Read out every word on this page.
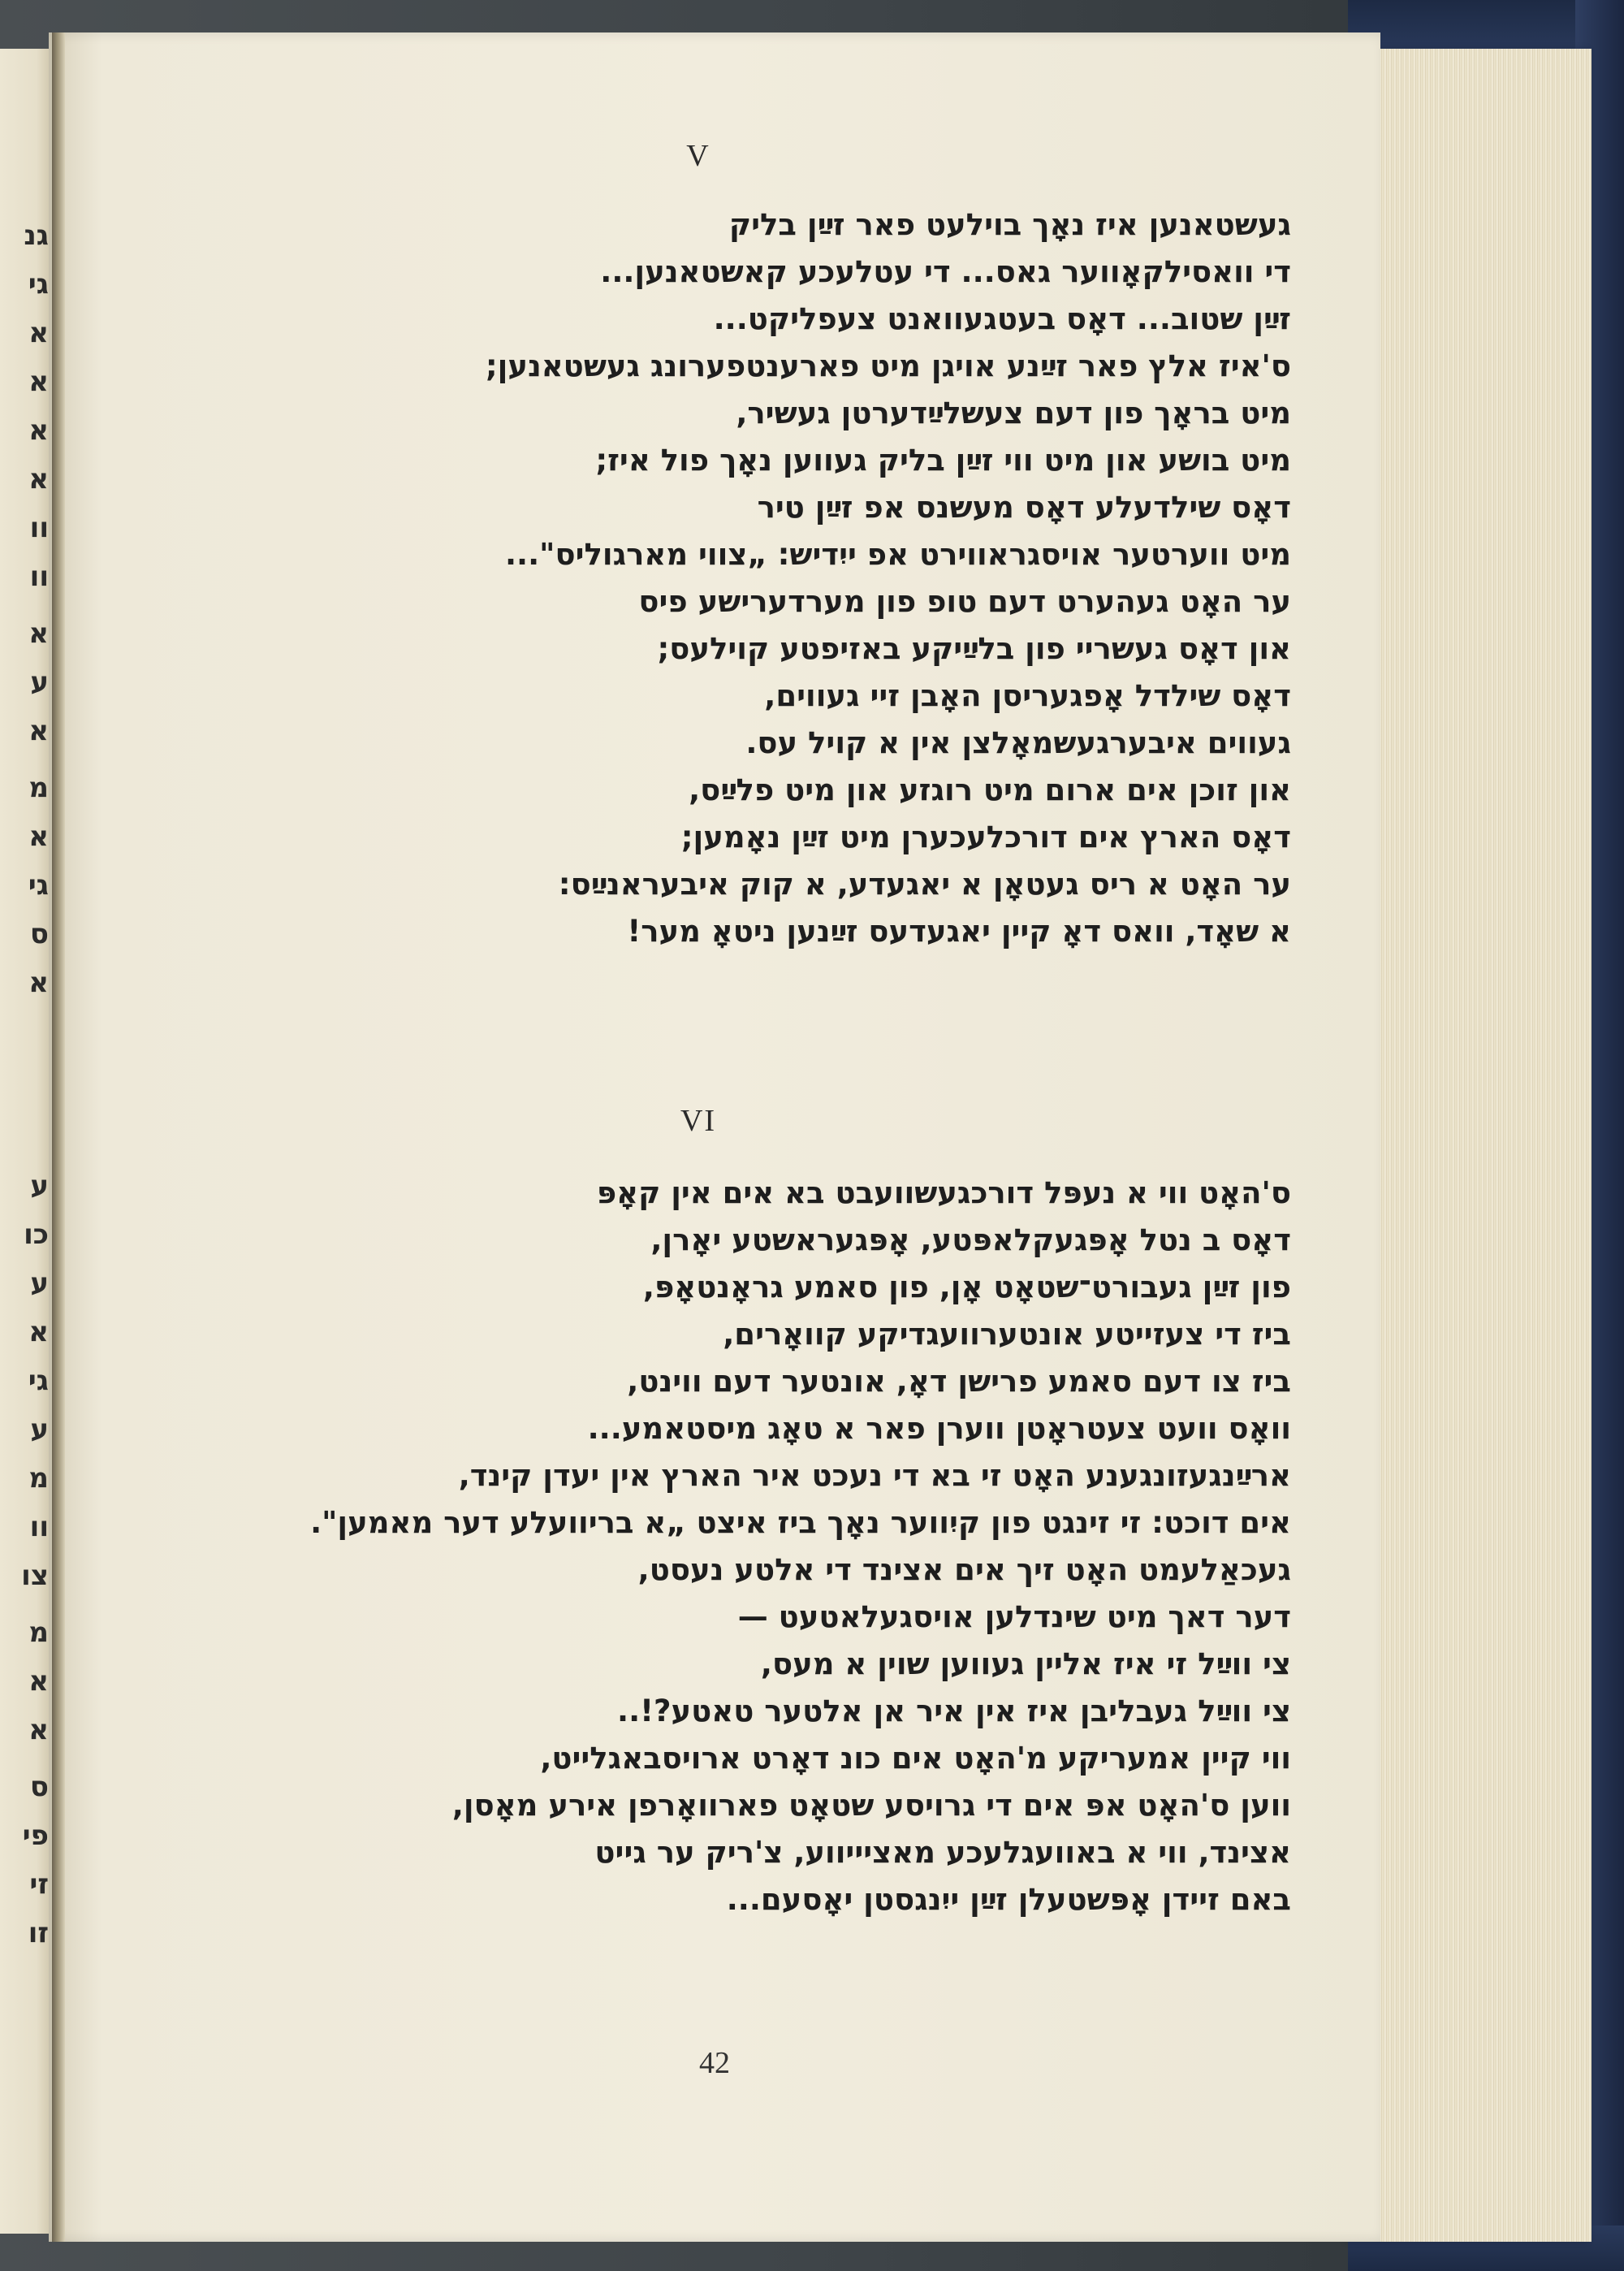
גנ
גי
א
א
א
א
וו
וו
א
ע
א
מ
א
גי
ס
א
ע
כו
ע
א
גי
ע
מ
וו
צו
מ
א
א
ס
פי
זי
זו
V
געשטאנען איז נאָך בוילעט פאר זײַן בליק
די וואסילקאָווער גאס... די עטלעכע קאשטאנען...
זײַן שטוב... דאָס בעטגעוואנט צעפליקט...
ס'איז אלץ פאר זײַנע אויגן מיט פארענטפערונג געשטאנען;
מיט בראָך פון דעם צעשלײַדערטן געשיר,
מיט בושע און מיט ווי זײַן בליק געווען נאָך פול איז;
דאָס שילדעלע דאָס מעשנס אפ זײַן טיר
מיט ווערטער אויסגראווירט אפ ייִדיש: „צווי מארגוליס"...
ער האָט געהערט דעם טופ פון מערדערישע פיס
און דאָס געשריי פון בלײַיקע באזיפטע קוילעס;
דאָס שילדל אָפגעריסן האָבן זיי געווים,
געווים איבערגעשמאָלצן אין א קויל עס.
און זוכן אים ארום מיט רוגזע און מיט פלײַס,
דאָס הארץ אים דורכלעכערן מיט זײַן נאָמען;
ער האָט א ריס געטאָן א יאגעדע, א קוק איבעראנײַס:
א שאָד, וואס דאָ קיין יאגעדעס זײַנען ניטאָ מער!
VI
ס'האָט ווי א נעפּל דורכגעשוועבט בא אים אין קאָפּ
דאָס ב נטל אָפּגעקלאפּטע, אָפּגעראשטע יאָרן,
פון זײַן געבורט־שטאָט אָן, פון סאמע גראָנטאָפּ,
ביז די צעזייטע אונטערוועגדיקע קוואָרים,
ביז צו דעם סאמע פרישן דאָ, אונטער דעם ווינט,
וואָס וועט צעטראָטן ווערן פאר א טאָג מיסטאמע...
ארײַנגעזונגענע האָט זי בא די נעכט איר הארץ אין יעדן קינד,
אים דוכט: זי זינגט פון קיִווער נאָך ביז איצט „א בריוועלע דער מאמען".
געכאַלעמט האָט זיך אים אצינד די אלטע נעסט,
דער דאך מיט שינדלען אויסגעלאטעט —
צי ווײַל זי איז אליין געווען שוין א מעס,
צי ווײַל געבליבן איז אין איר אן אלטער טאטע?!..
ווי קיין אמעריקע מ'האָט אים כונ דאָרט ארויסבאגלייט,
ווען ס'האָט אפּ אים די גרויסע שטאָט פארוואָרפן אירע מאָסן,
אצינד, ווי א באוועגלעכע מאציייווע, צ'ריק ער גייט
באם זיידן אָפּשטעלן זײַן ייִנגסטן יאָסעם...
42
